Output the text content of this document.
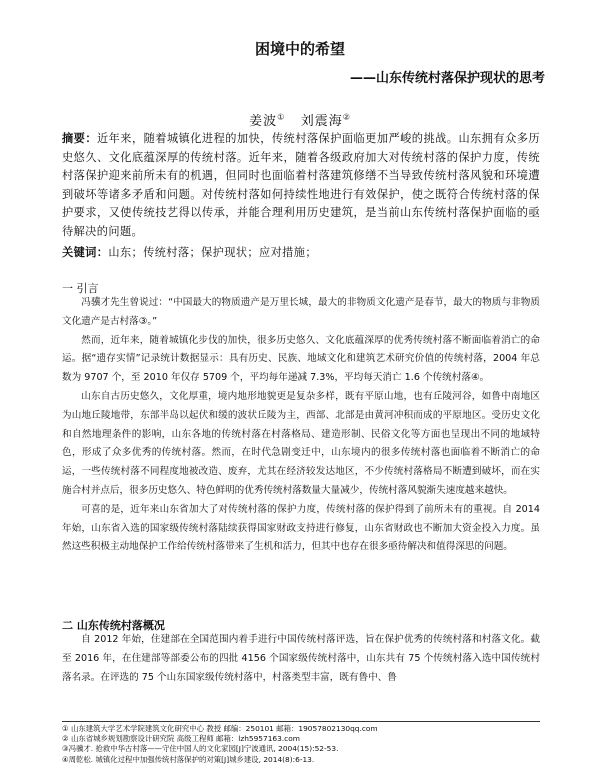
困境中的希望
——山东传统村落保护现状的思考
姜波① 刘震海②
摘要：近年来，随着城镇化进程的加快，传统村落保护面临更加严峻的挑战。山东拥有众多历史悠久、文化底蕴深厚的传统村落。近年来，随着各级政府加大对传统村落的保护力度，传统村落保护迎来前所未有的机遇，但同时也面临着村落建筑修缮不当导致传统村落风貌和环境遭到破坏等诸多矛盾和问题。对传统村落如何持续性地进行有效保护，使之既符合传统村落的保护要求，又使传统技艺得以传承，并能合理利用历史建筑，是当前山东传统村落保护面临的亟待解决的问题。
关键词：山东；传统村落；保护现状；应对措施；
一 引言

冯骥才先生曾说过：“中国最大的物质遗产是万里长城，最大的非物质文化遗产是春节，最大的物质与非物质文化遗产是古村落③。”

然而，近年来，随着城镇化步伐的加快，很多历史悠久、文化底蕴深厚的优秀传统村落不断面临着消亡的命运。据“遗存实情”记录统计数据显示：具有历史、民族、地域文化和建筑艺术研究价值的传统村落，2004 年总数为 9707 个，至 2010 年仅存 5709 个，平均每年递减 7.3%，平均每天消亡 1.6 个传统村落④。

山东自古历史悠久，文化厚重，境内地形地貌更是复杂多样，既有平原山地，也有丘陵河谷，如鲁中南地区为山地丘陵地带，东部半岛以起伏和缓的波状丘陵为主，西部、北部是由黄河冲积而成的平原地区。受历史文化和自然地理条件的影响，山东各地的传统村落在村落格局、建造形制、民俗文化等方面也呈现出不同的地域特色，形成了众多优秀的传统村落。然而，在时代急剧变迁中，山东境内的很多传统村落也面临着不断消亡的命运，一些传统村落不同程度地被改造、废弃，尤其在经济较发达地区，不少传统村落格局不断遭到破坏，而在实施合村并点后，很多历史悠久、特色鲜明的优秀传统村落数量大量减少，传统村落风貌渐失速度越来越快。

可喜的是，近年来山东省加大了对传统村落的保护力度，传统村落的保护得到了前所未有的重视。自 2014 年始，山东省入选的国家级传统村落陆续获得国家财政支持进行修复，山东省财政也不断加大资金投入力度。虽然这些积极主动地保护工作给传统村落带来了生机和活力，但其中也存在很多亟待解决和值得深思的问题。

二 山东传统村落概况

自 2012 年始，住建部在全国范围内着手进行中国传统村落评选，旨在保护优秀的传统村落和村落文化。截至 2016 年，在住建部等部委公布的四批 4156 个国家级传统村落中，山东共有 75 个传统村落入选中国传统村落名录。在评选的 75 个山东国家级传统村落中，村落类型丰富，既有鲁中、鲁

① 山东建筑大学艺术学院建筑文化研究中心 教授 邮编：250101 邮箱：19057802130qq.com
② 山东省城乡规划勘察设计研究院 高级工程师 邮箱：lzh5957163.com
③冯骥才. 抢救中华古村落——守住中国人的文化家园[J]宁波通讯, 2004(15):52-53.
④周乾松. 城镇化过程中加强传统村落保护的对策[J]城乡建设, 2014(8):6-13.
